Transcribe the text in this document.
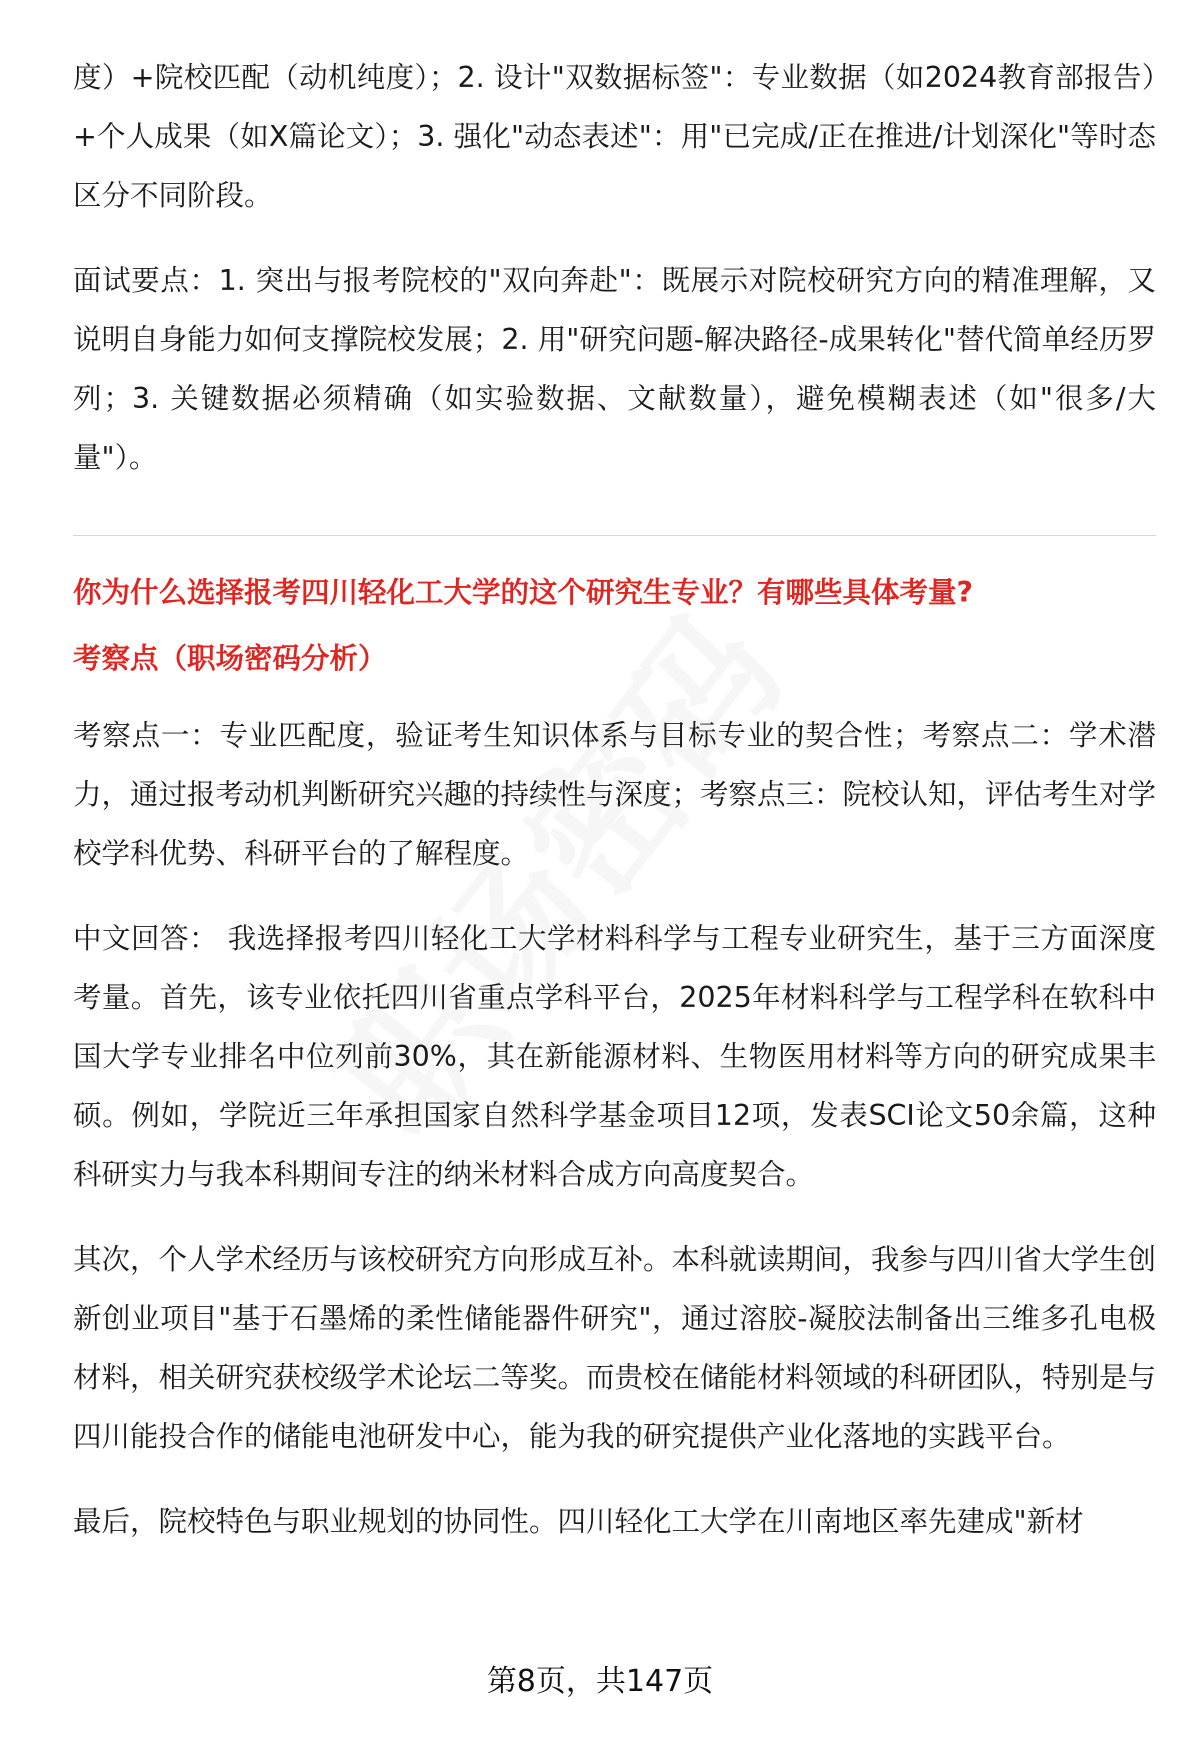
度）+院校匹配（动机纯度）；2. 设计"双数据标签"：专业数据（如2024教育部报告）+个人成果（如X篇论文）；3. 强化"动态表述"：用"已完成/正在推进/计划深化"等时态区分不同阶段。

面试要点：1. 突出与报考院校的"双向奔赴"：既展示对院校研究方向的精准理解，又说明自身能力如何支撑院校发展；2. 用"研究问题-解决路径-成果转化"替代简单经历罗列；3. 关键数据必须精确（如实验数据、文献数量），避免模糊表述（如"很多/大量"）。

你为什么选择报考四川轻化工大学的这个研究生专业？有哪些具体考量?

考察点（职场密码分析）

考察点一：专业匹配度，验证考生知识体系与目标专业的契合性；考察点二：学术潜力，通过报考动机判断研究兴趣的持续性与深度；考察点三：院校认知，评估考生对学校学科优势、科研平台的了解程度。

中文回答： 我选择报考四川轻化工大学材料科学与工程专业研究生，基于三方面深度考量。首先，该专业依托四川省重点学科平台，2025年材料科学与工程学科在软科中国大学专业排名中位列前30%，其在新能源材料、生物医用材料等方向的研究成果丰硕。例如，学院近三年承担国家自然科学基金项目12项，发表SCI论文50余篇，这种科研实力与我本科期间专注的纳米材料合成方向高度契合。

其次，个人学术经历与该校研究方向形成互补。本科就读期间，我参与四川省大学生创新创业项目"基于石墨烯的柔性储能器件研究"，通过溶胶-凝胶法制备出三维多孔电极材料，相关研究获校级学术论坛二等奖。而贵校在储能材料领域的科研团队，特别是与四川能投合作的储能电池研发中心，能为我的研究提供产业化落地的实践平台。

最后，院校特色与职业规划的协同性。四川轻化工大学在川南地区率先建成"新材

第8页，共147页
